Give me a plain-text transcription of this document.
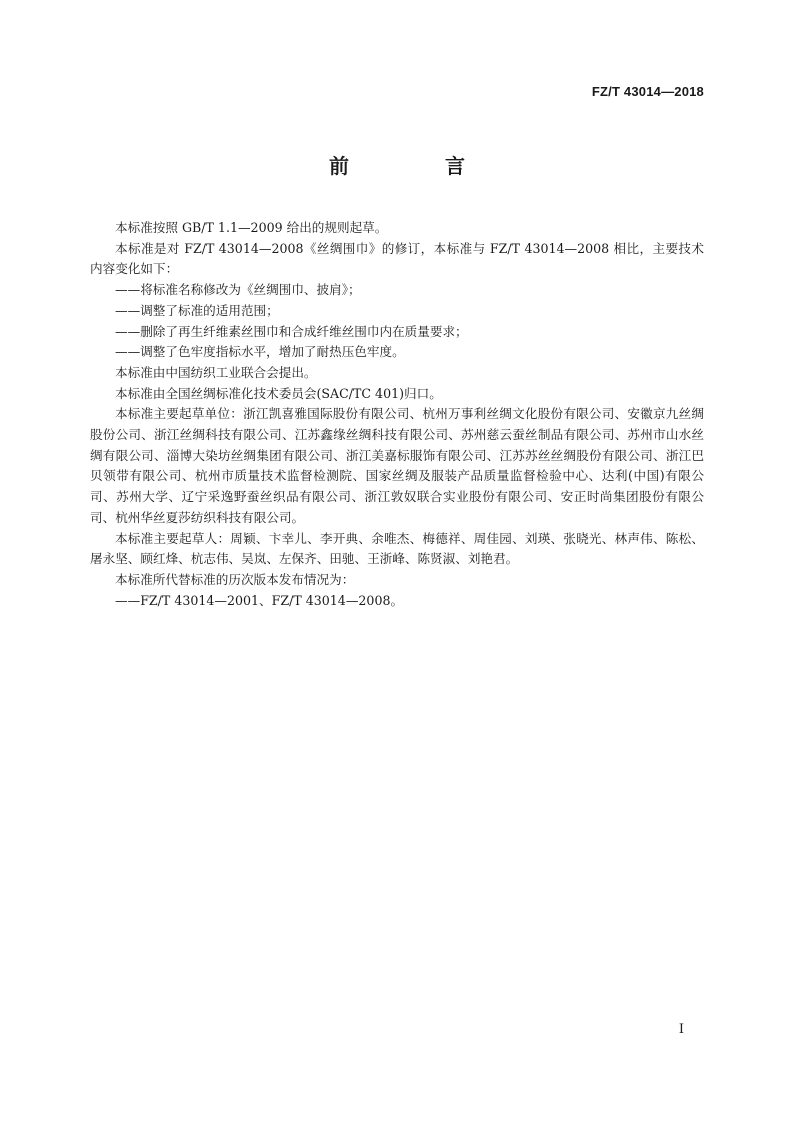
FZ/T 43014—2018
前　言

本标准按照 GB/T 1.1—2009 给出的规则起草。

本标准是对 FZ/T 43014—2008《丝绸围巾》的修订，本标准与 FZ/T 43014—2008 相比，主要技术内容变化如下：

——将标准名称修改为《丝绸围巾、披肩》；

——调整了标准的适用范围；

——删除了再生纤维素丝围巾和合成纤维丝围巾内在质量要求；

——调整了色牢度指标水平，增加了耐热压色牢度。

本标准由中国纺织工业联合会提出。

本标准由全国丝绸标准化技术委员会(SAC/TC 401)归口。

本标准主要起草单位：浙江凯喜雅国际股份有限公司、杭州万事利丝绸文化股份有限公司、安徽京九丝绸股份公司、浙江丝绸科技有限公司、江苏鑫缘丝绸科技有限公司、苏州慈云蚕丝制品有限公司、苏州市山水丝绸有限公司、淄博大染坊丝绸集团有限公司、浙江美嘉标服饰有限公司、江苏苏丝丝绸股份有限公司、浙江巴贝领带有限公司、杭州市质量技术监督检测院、国家丝绸及服装产品质量监督检验中心、达利(中国)有限公司、苏州大学、辽宁采逸野蚕丝织品有限公司、浙江敦奴联合实业股份有限公司、安正时尚集团股份有限公司、杭州华丝夏莎纺织科技有限公司。

本标准主要起草人：周颖、卞幸儿、李开典、余唯杰、梅德祥、周佳园、刘瑛、张晓光、林声伟、陈松、屠永坚、顾红烽、杭志伟、吴岚、左保齐、田驰、王浙峰、陈贤淑、刘艳君。

本标准所代替标准的历次版本发布情况为：

——FZ/T 43014—2001、FZ/T 43014—2008。

I
